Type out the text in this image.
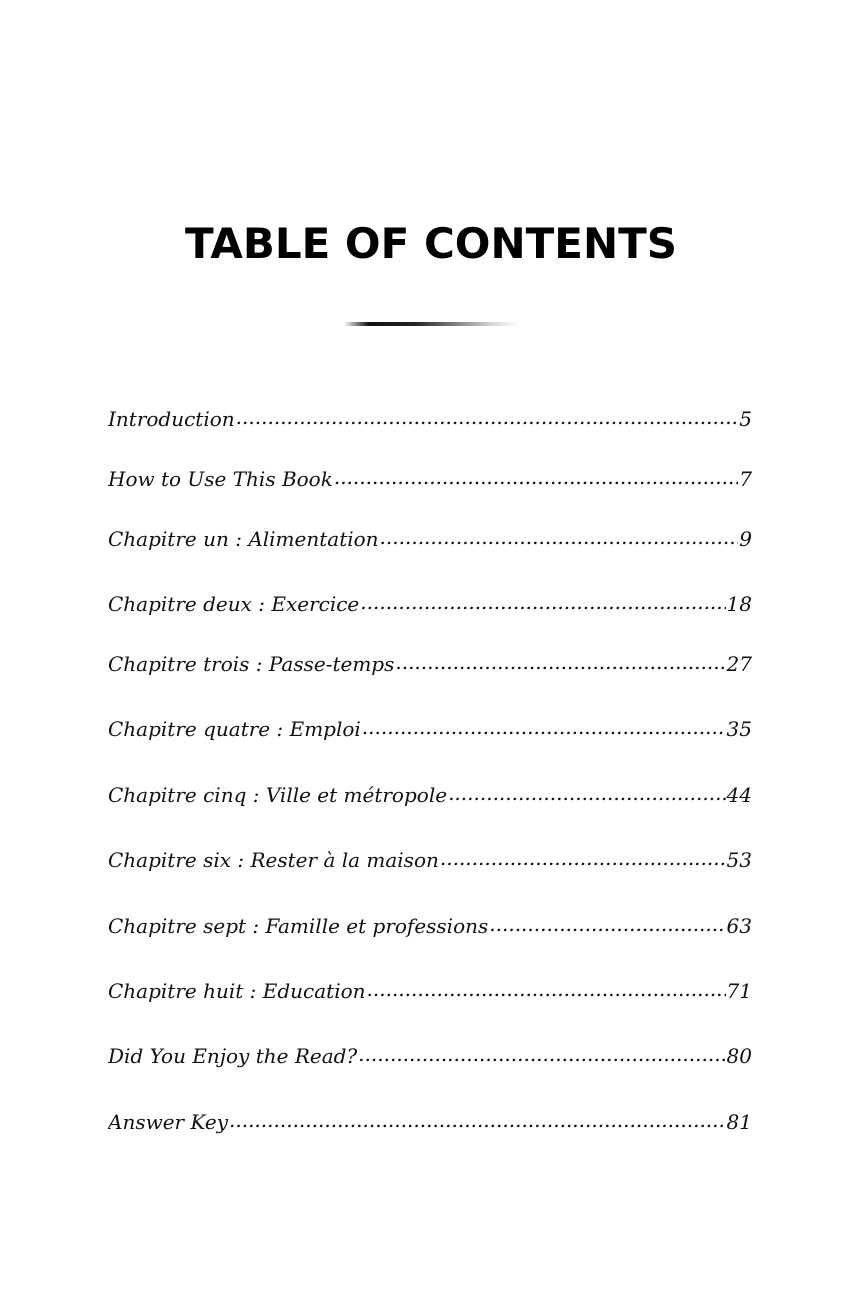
TABLE OF CONTENTS
Introduction .....	5
How to Use This Book .....	7
Chapitre un : Alimentation .....	9
Chapitre deux : Exercice .....	18
Chapitre trois : Passe-temps .....	27
Chapitre quatre : Emploi .....	35
Chapitre cinq : Ville et métropole .....	44
Chapitre six : Rester à la maison .....	53
Chapitre sept : Famille et professions .....	63
Chapitre huit : Education .....	71
Did You Enjoy the Read? .....	80
Answer Key .....	81
